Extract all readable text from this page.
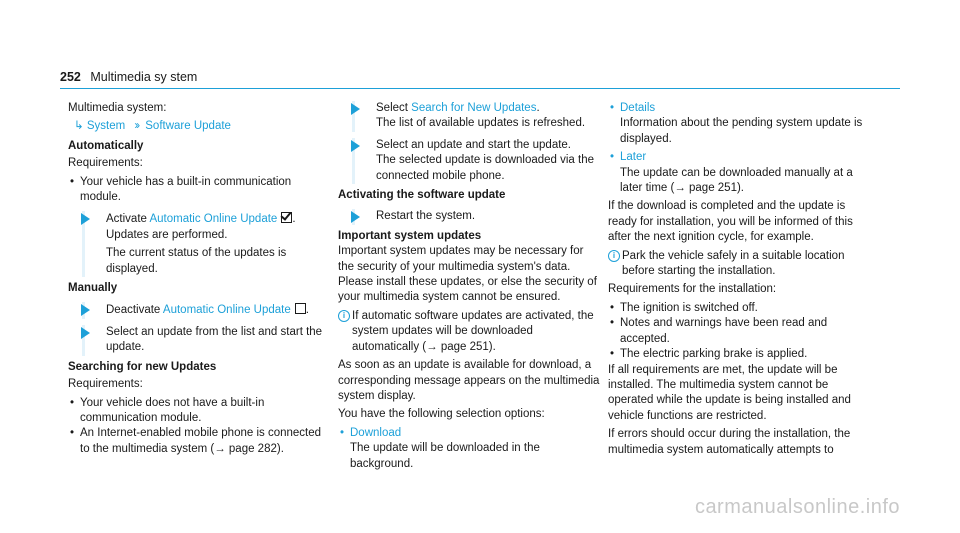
252 Multimedia sy stem

Multimedia system:

↳ System ›› Software Update

Automatically

Requirements:

• Your vehicle has a built-in communication module.

Activate Automatic Online Update .
Updates are performed.
The current status of the updates is displayed.

Manually

Deactivate Automatic Online Update .
Select an update from the list and start the update.

Searching for new Updates

Requirements:

• Your vehicle does not have a built-in communication module.

• An Internet-enabled mobile phone is connected to the multimedia system (→ page 282).

Select Search for New Updates.
The list of available updates is refreshed.
Select an update and start the update.
The selected update is downloaded via the connected mobile phone.

Activating the software update

Restart the system.

Important system updates

Important system updates may be necessary for the security of your multimedia system's data. Please install these updates, or else the security of your multimedia system cannot be ensured.

i If automatic software updates are activated, the system updates will be downloaded automatically (→ page 251).

As soon as an update is available for download, a corresponding message appears on the multimedia system display.

You have the following selection options:

• Download

The update will be downloaded in the background.

• Details

Information about the pending system update is displayed.

• Later

The update can be downloaded manually at a later time (→ page 251).

If the download is completed and the update is ready for installation, you will be informed of this after the next ignition cycle, for example.

i Park the vehicle safely in a suitable location before starting the installation.

Requirements for the installation:

• The ignition is switched off.

• Notes and warnings have been read and accepted.

• The electric parking brake is applied.

If all requirements are met, the update will be installed. The multimedia system cannot be operated while the update is being installed and vehicle functions are restricted.

If errors should occur during the installation, the multimedia system automatically attempts to

carmanualsonline.info
